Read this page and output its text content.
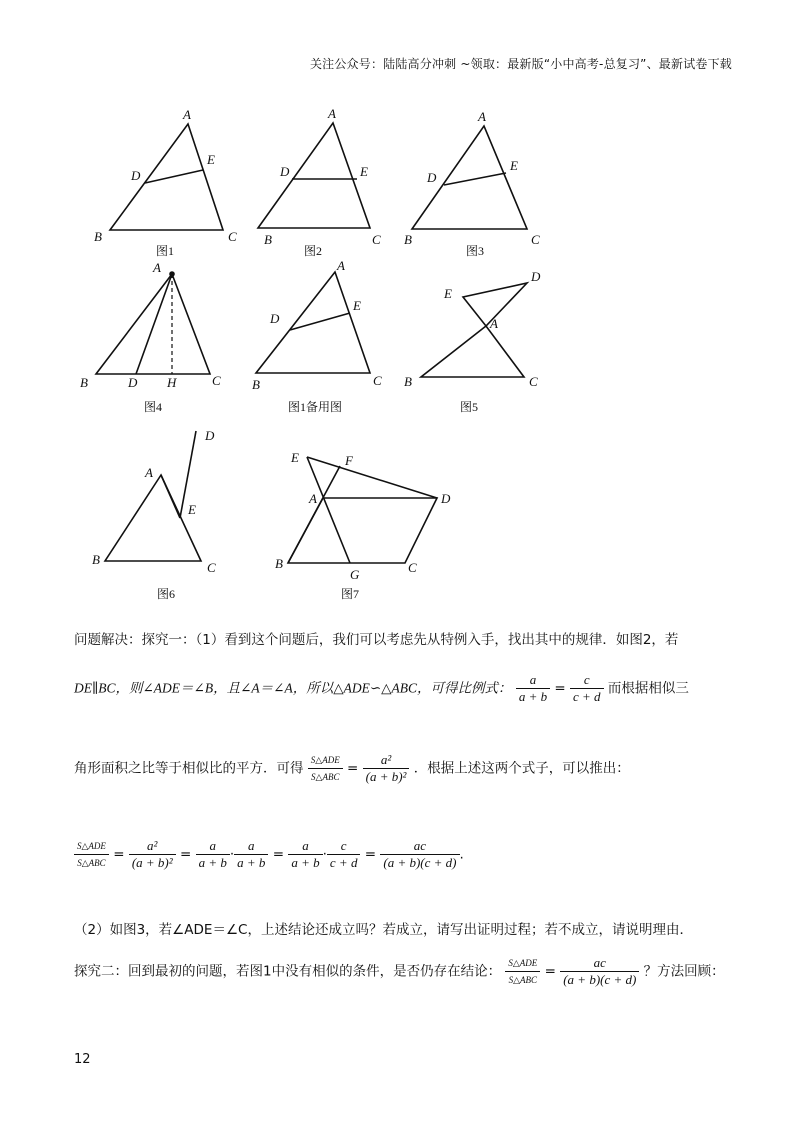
关注公众号：陆陆高分冲刺 ~领取：最新版“小中高考-总复习”、最新试卷下载
A
D
E
B	C
图1
A
D	E
B	C
图2
A
D
E
B	C
图3
A
B	D H	C
图4
A
D
E
B	C
图1备用图
E
D
A
B	C
图5
A
D
E
B
C
图6
E	F
A	D
B
G	C
图7
问题解决：探究一：（1）看到这个问题后，我们可以考虑先从特例入手，找出其中的规律．如图2，若
DE∥BC，则∠ADE＝∠B，且∠A＝∠A，所以△ADE∽△ABC，可得比例式： $\frac{a}{a + b} = \frac{c}{c + d}$ 而根据相似三
角形面积之比等于相似比的平方．可得 $\frac{\text{S△ADE}}{\text{S△ABC}} = \frac{\text{a²}}{\text{(a + b)²}}$ ．根据上述这两个式子，可以推出：
$\frac{\text{S△ADE}}{\text{S△ABC}} = \frac{\text{a²}}{\text{(a + b)²}} = \frac{a}{a + b} \cdot \frac{a}{a + b} = \frac{a}{a + b} \cdot \frac{c}{c + d} = \frac{ac}{(a + b)(c + d)}$ .
（2）如图3，若∠ADE＝∠C，上述结论还成立吗？若成立，请写出证明过程；若不成立，请说明理由．
探究二：回到最初的问题，若图1中没有相似的条件，是否仍存在结论： $\frac{\text{S△ADE}}{\text{S△ABC}} = \frac{ac}{(a + b)(c + d)}$ ？方法回顾：
12
